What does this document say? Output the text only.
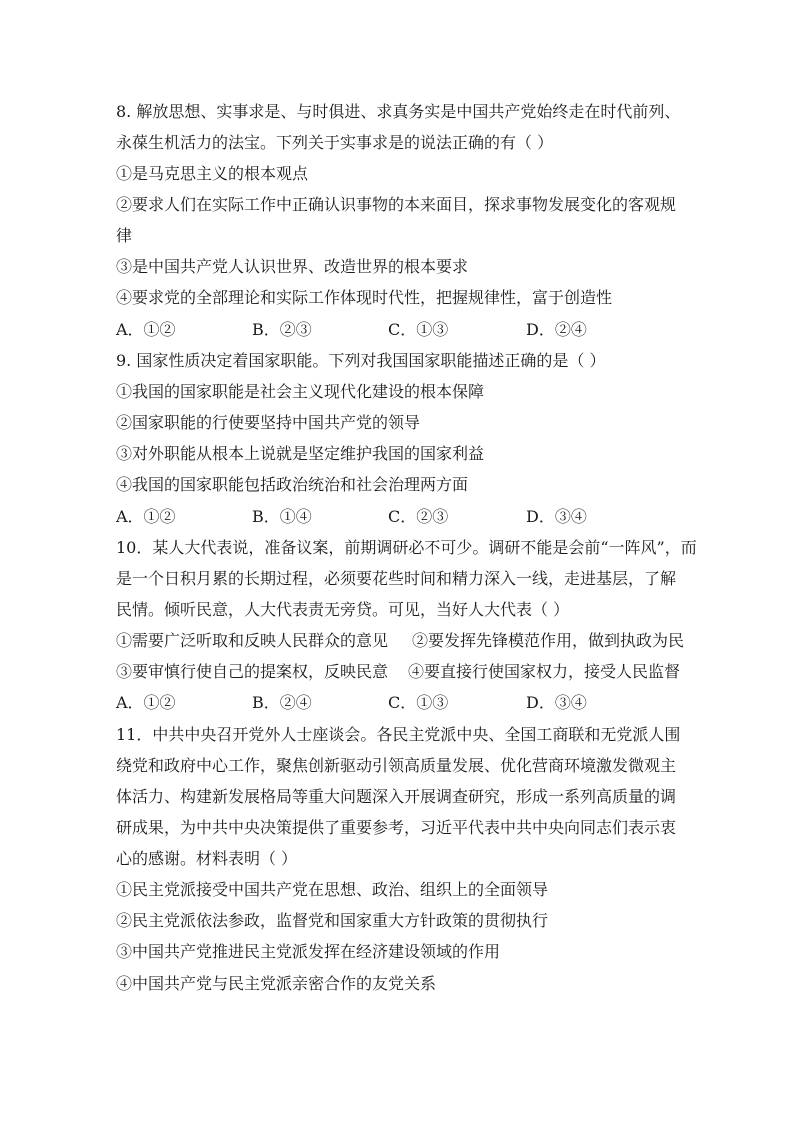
8. 解放思想、实事求是、与时俱进、求真务实是中国共产党始终走在时代前列、
永葆生机活力的法宝。下列关于实事求是的说法正确的有（ ）
①是马克思主义的根本观点
②要求人们在实际工作中正确认识事物的本来面目，探求事物发展变化的客观规
律
③是中国共产党人认识世界、改造世界的根本要求
④要求党的全部理论和实际工作体现时代性，把握规律性，富于创造性
A．①②	B．②③	C．①③	D．②④
9. 国家性质决定着国家职能。下列对我国国家职能描述正确的是（ ）
①我国的国家职能是社会主义现代化建设的根本保障
②国家职能的行使要坚持中国共产党的领导
③对外职能从根本上说就是坚定维护我国的国家利益
④我国的国家职能包括政治统治和社会治理两方面
A．①②	B．①④	C．②③	D．③④
10．某人大代表说，准备议案，前期调研必不可少。调研不能是会前“一阵风”，而
是一个日积月累的长期过程，必须要花些时间和精力深入一线，走进基层，了解
民情。倾听民意，人大代表责无旁贷。可见，当好人大代表（ ）
①需要广泛听取和反映人民群众的意见 ②要发挥先锋模范作用，做到执政为民
③要审慎行使自己的提案权，反映民意 ④要直接行使国家权力，接受人民监督
A．①②	B．②④	C．①③	D．③④
11．中共中央召开党外人士座谈会。各民主党派中央、全国工商联和无党派人围
绕党和政府中心工作，聚焦创新驱动引领高质量发展、优化营商环境激发微观主
体活力、构建新发展格局等重大问题深入开展调查研究，形成一系列高质量的调
研成果，为中共中央决策提供了重要参考，习近平代表中共中央向同志们表示衷
心的感谢。材料表明（ ）
①民主党派接受中国共产党在思想、政治、组织上的全面领导
②民主党派依法参政，监督党和国家重大方针政策的贯彻执行
③中国共产党推进民主党派发挥在经济建设领域的作用
④中国共产党与民主党派亲密合作的友党关系
